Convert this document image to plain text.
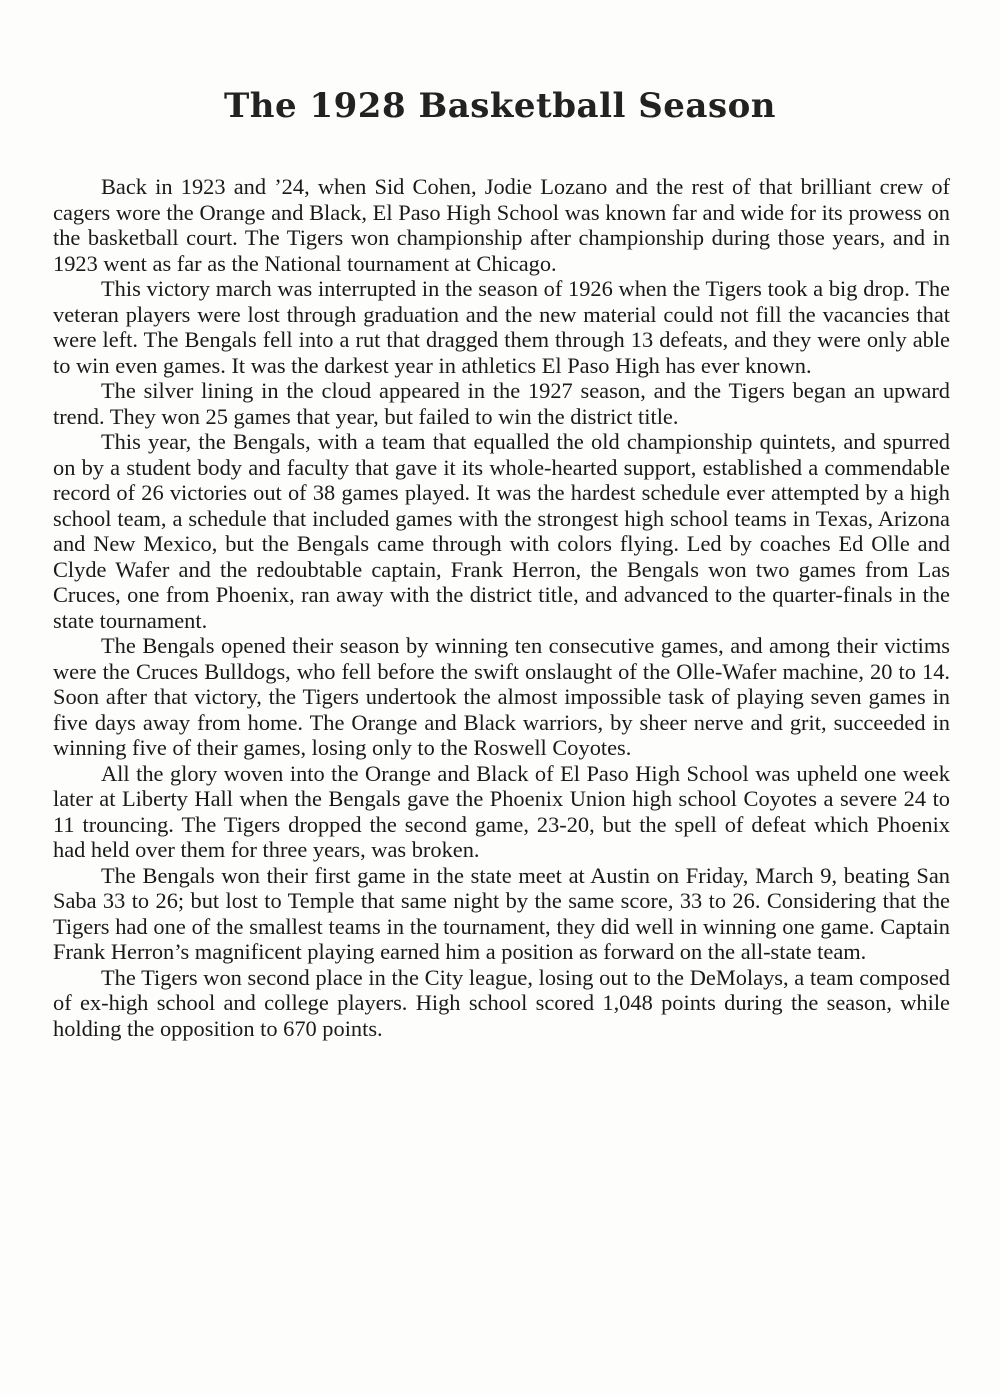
The 1928 Basketball Season

Back in 1923 and ’24, when Sid Cohen, Jodie Lozano and the rest of that brilliant crew of cagers wore the Orange and Black, El Paso High School was known far and wide for its prowess on the basketball court. The Tigers won championship after championship during those years, and in 1923 went as far as the National tournament at Chicago.

This victory march was interrupted in the season of 1926 when the Tigers took a big drop. The veteran players were lost through graduation and the new material could not fill the vacancies that were left. The Bengals fell into a rut that dragged them through 13 defeats, and they were only able to win even games. It was the darkest year in athletics El Paso High has ever known.

The silver lining in the cloud appeared in the 1927 season, and the Tigers began an upward trend. They won 25 games that year, but failed to win the district title.

This year, the Bengals, with a team that equalled the old championship quintets, and spurred on by a student body and faculty that gave it its whole-hearted support, established a commendable record of 26 victories out of 38 games played. It was the hardest schedule ever attempted by a high school team, a schedule that included games with the strongest high school teams in Texas, Arizona and New Mexico, but the Bengals came through with colors flying. Led by coaches Ed Olle and Clyde Wafer and the redoubtable captain, Frank Herron, the Bengals won two games from Las Cruces, one from Phoenix, ran away with the district title, and advanced to the quarter-finals in the state tournament.

The Bengals opened their season by winning ten consecutive games, and among their victims were the Cruces Bulldogs, who fell before the swift onslaught of the Olle-Wafer machine, 20 to 14. Soon after that victory, the Tigers undertook the almost impossible task of playing seven games in five days away from home. The Orange and Black warriors, by sheer nerve and grit, succeeded in winning five of their games, losing only to the Roswell Coyotes.

All the glory woven into the Orange and Black of El Paso High School was upheld one week later at Liberty Hall when the Bengals gave the Phoenix Union high school Coyotes a severe 24 to 11 trouncing. The Tigers dropped the second game, 23-20, but the spell of defeat which Phoenix had held over them for three years, was broken.

The Bengals won their first game in the state meet at Austin on Friday, March 9, beating San Saba 33 to 26; but lost to Temple that same night by the same score, 33 to 26. Considering that the Tigers had one of the smallest teams in the tournament, they did well in winning one game. Captain Frank Herron’s magnificent playing earned him a position as forward on the all-state team.

The Tigers won second place in the City league, losing out to the DeMolays, a team composed of ex-high school and college players. High school scored 1,048 points during the season, while holding the opposition to 670 points.
